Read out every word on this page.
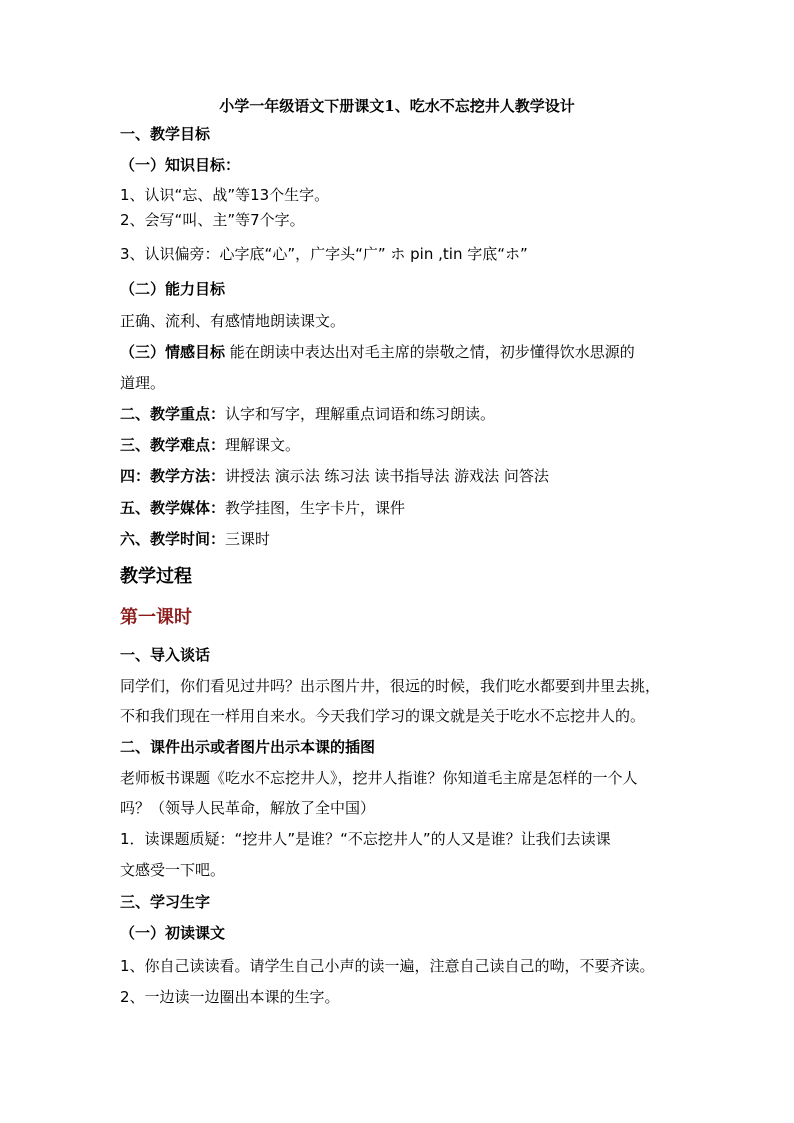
小学一年级语文下册课文1、吃水不忘挖井人教学设计
一、教学目标
（一）知识目标：
1、认识“忘、战”等13个生字。
2、会写“叫、主”等7个字。
3、认识偏旁：心字底“心”，广字头“广” ホ pin ,tin 字底“ホ”
（二）能力目标
正确、流利、有感情地朗读课文。
（三）情感目标 能在朗读中表达出对毛主席的崇敬之情，初步懂得饮水思源的
道理。
二、教学重点：认字和写字，理解重点词语和练习朗读。
三、教学难点：理解课文。
四：教学方法：讲授法 演示法 练习法 读书指导法 游戏法 问答法
五、教学媒体：教学挂图，生字卡片，课件
六、教学时间：三课时
教学过程
第一课时
一、导入谈话
同学们，你们看见过井吗？出示图片井，很远的时候，我们吃水都要到井里去挑，
不和我们现在一样用自来水。今天我们学习的课文就是关于吃水不忘挖井人的。
二、课件出示或者图片出示本课的插图
老师板书课题《吃水不忘挖井人》，挖井人指谁？你知道毛主席是怎样的一个人
吗？（领导人民革命，解放了全中国）
1．读课题质疑：“挖井人”是谁？“不忘挖井人”的人又是谁？让我们去读课
文感受一下吧。
三、学习生字
（一）初读课文
1、你自己读读看。请学生自己小声的读一遍，注意自己读自己的呦，不要齐读。
2、一边读一边圈出本课的生字。
